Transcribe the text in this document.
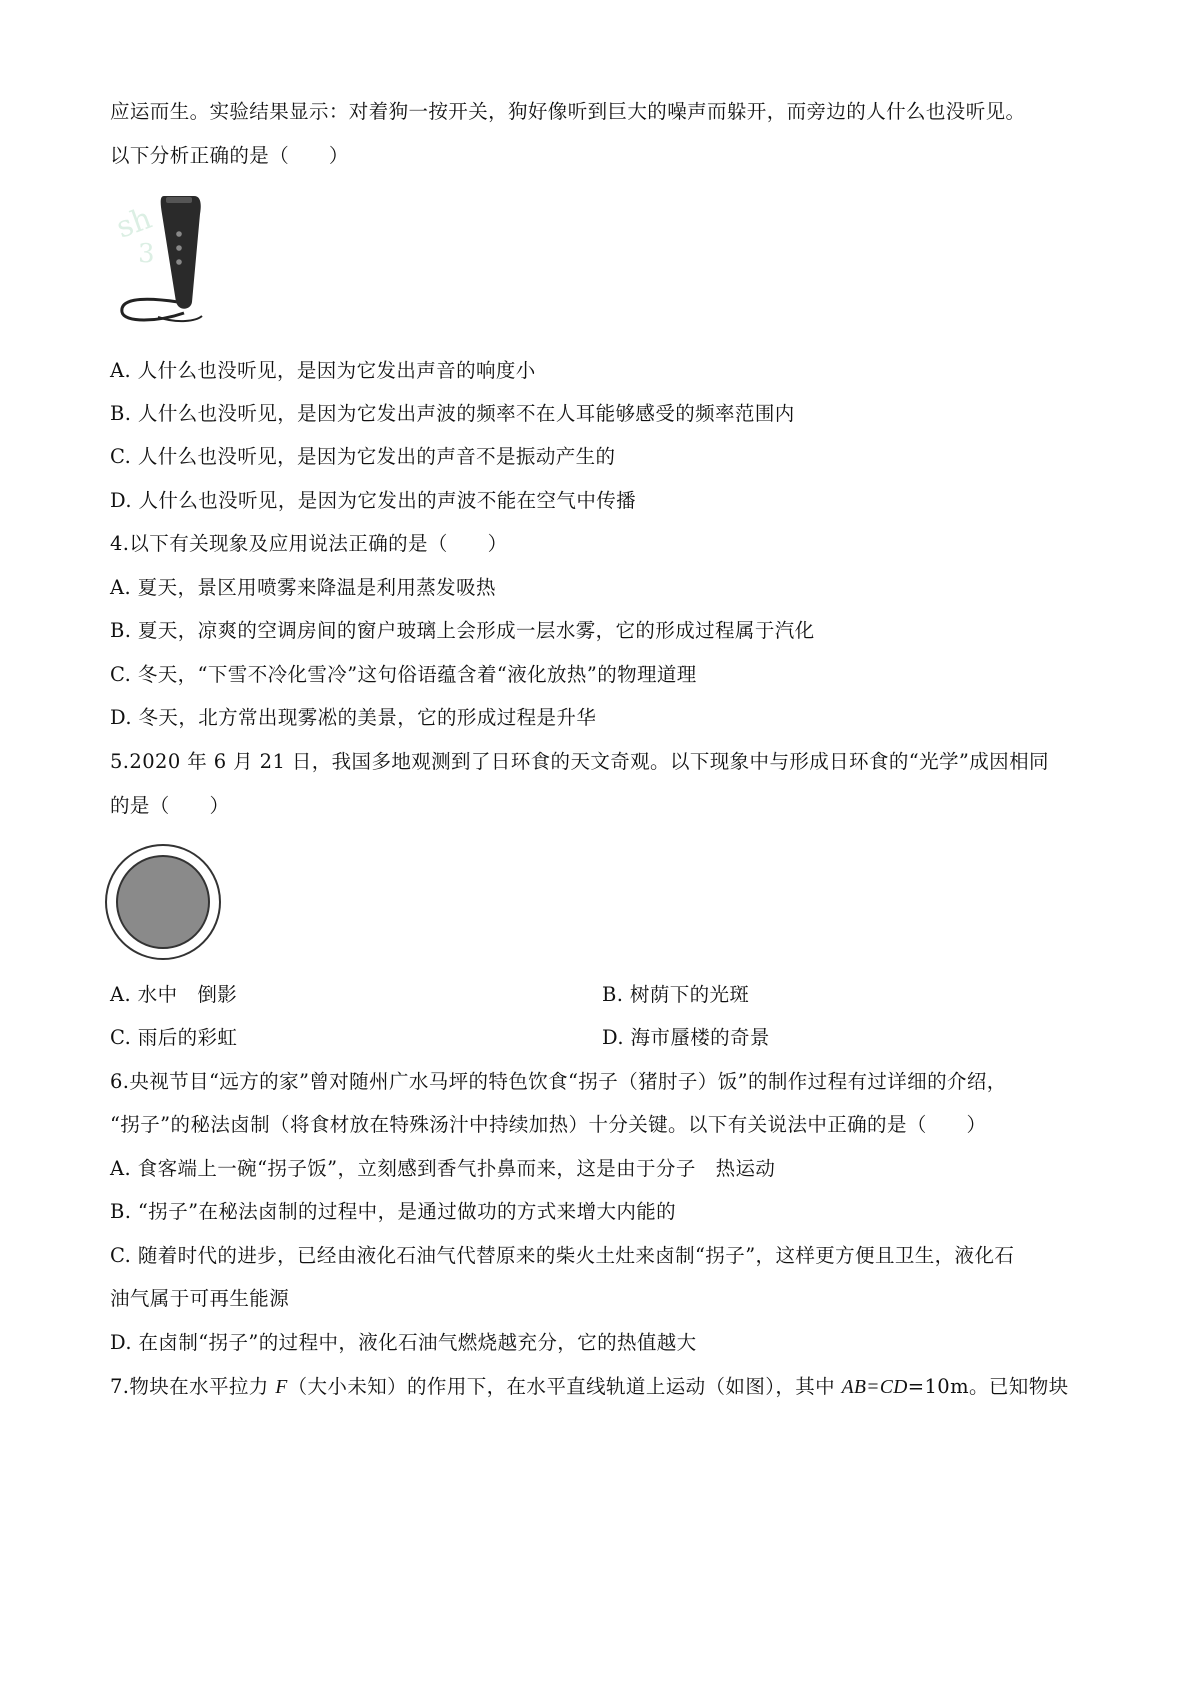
应运而生。实验结果显示：对着狗一按开关，狗好像听到巨大的噪声而躲开，而旁边的人什么也没听见。
以下分析正确的是（　　）
sh
3
A. 人什么也没听见，是因为它发出声音的响度小
B. 人什么也没听见，是因为它发出声波的频率不在人耳能够感受的频率范围内
C. 人什么也没听见，是因为它发出的声音不是振动产生的
D. 人什么也没听见，是因为它发出的声波不能在空气中传播
4.以下有关现象及应用说法正确的是（　　）
A. 夏天，景区用喷雾来降温是利用蒸发吸热
B. 夏天，凉爽的空调房间的窗户玻璃上会形成一层水雾，它的形成过程属于汽化
C. 冬天，“下雪不冷化雪冷”这句俗语蕴含着“液化放热”的物理道理
D. 冬天，北方常出现雾凇的美景，它的形成过程是升华
5.2020 年 6 月 21 日，我国多地观测到了日环食的天文奇观。以下现象中与形成日环食的“光学”成因相同
的是（　　）
A. 水中　倒影	B. 树荫下的光斑
C. 雨后的彩虹	D. 海市蜃楼的奇景
6.央视节目“远方的家”曾对随州广水马坪的特色饮食“拐子（猪肘子）饭”的制作过程有过详细的介绍，
“拐子”的秘法卤制（将食材放在特殊汤汁中持续加热）十分关键。以下有关说法中正确的是（　　）
A. 食客端上一碗“拐子饭”，立刻感到香气扑鼻而来，这是由于分子　热运动
B. “拐子”在秘法卤制的过程中，是通过做功的方式来增大内能的
C. 随着时代的进步，已经由液化石油气代替原来的柴火土灶来卤制“拐子”，这样更方便且卫生，液化石
油气属于可再生能源
D. 在卤制“拐子”的过程中，液化石油气燃烧越充分，它的热值越大
7.物块在水平拉力 F（大小未知）的作用下，在水平直线轨道上运动（如图），其中 AB=CD=10m。已知物块
